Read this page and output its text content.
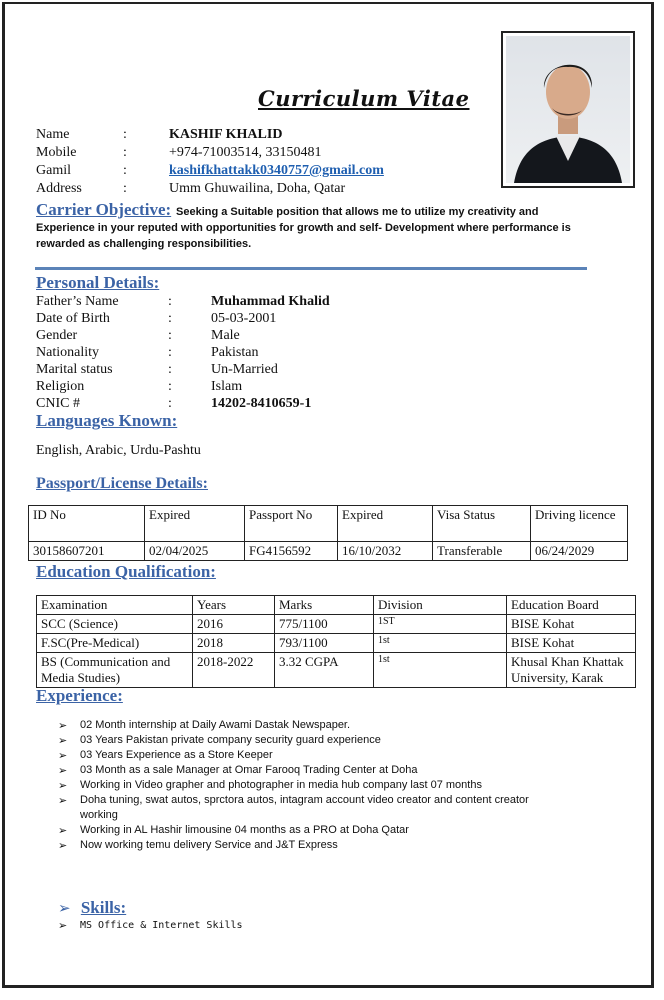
Curriculum Vitae
Name	:	KASHIF KHALID
Mobile	:	+974-71003514, 33150481
Gamil	:	kashifkhattakk0340757@gmail.com
Address	:	Umm Ghuwailina, Doha, Qatar
Carrier Objective: Seeking a Suitable position that allows me to utilize my creativity and
Experience in your reputed with opportunities for growth and self- Development where performance is
rewarded as challenging responsibilities.
Personal Details:
Father’s Name	:	Muhammad Khalid
Date of Birth	:	05-03-2001
Gender	:	Male
Nationality	:	Pakistan
Marital status	:	Un-Married
Religion	:	Islam
CNIC #	:	14202-8410659-1
Languages Known:
English, Arabic, Urdu-Pashtu
Passport/License Details:
ID No	Expired	Passport No	Expired	Visa Status	Driving licence
30158607201	02/04/2025	FG4156592	16/10/2032	Transferable	06/24/2029
Education Qualification:
Examination	Years	Marks	Division	Education Board
SCC (Science)	2016	775/1100	1ST	BISE Kohat
F.SC(Pre-Medical)	2018	793/1100	1st	BISE Kohat
BS (Communication and Media Studies)	2018-2022	3.32 CGPA	1st	Khusal Khan Khattak University, Karak
Experience:
➢ 02 Month internship at Daily Awami Dastak Newspaper.
➢ 03 Years Pakistan private company security guard experience
➢ 03 Years Experience as a Store Keeper
➢ 03 Month as a sale Manager at Omar Farooq Trading Center at Doha
➢ Working in Video grapher and photographer in media hub company last 07 months
➢ Doha tuning, swat autos, sprctora autos, intagram account video creator and content creator working
➢ Working in AL Hashir limousine 04 months as a PRO at Doha Qatar
➢ Now working temu delivery Service and J&T Express
➢ Skills:
➢ MS Office & Internet Skills
